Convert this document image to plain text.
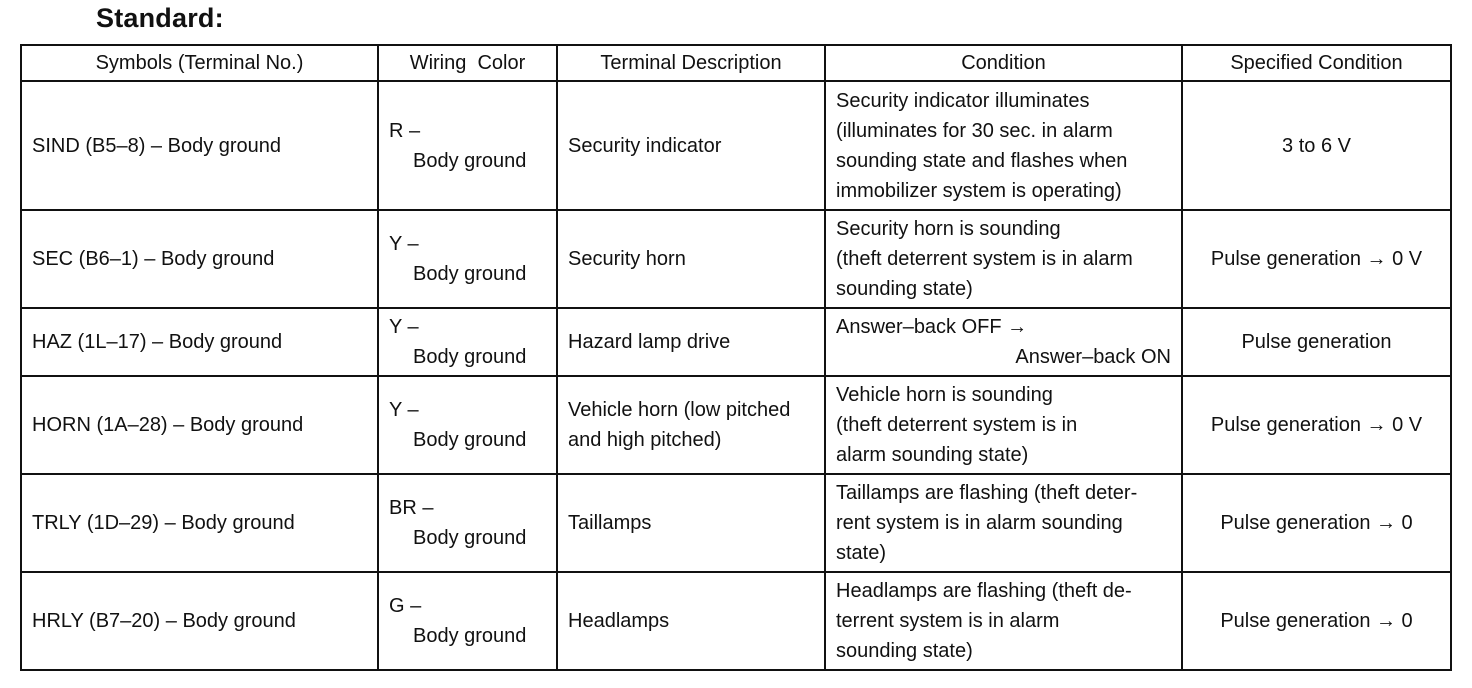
Standard:
Symbols (Terminal No.)	Wiring  Color	Terminal Description	Condition	Specified Condition
SIND (B5–8) – Body ground	R –
Body ground	Security indicator	Security indicator illuminates
(illuminates for 30 sec. in alarm
sounding state and flashes when
immobilizer system is operating)	3 to 6 V
SEC (B6–1) – Body ground	Y –
Body ground	Security horn	Security horn is sounding
(theft deterrent system is in alarm
sounding state)	Pulse generation → 0 V
HAZ (1L–17) – Body ground	Y –
Body ground	Hazard lamp drive	Answer–back OFF →
Answer–back ON	Pulse generation
HORN (1A–28) – Body ground	Y –
Body ground	Vehicle horn (low pitched
and high pitched)	Vehicle horn is sounding
(theft deterrent system is in
alarm sounding state)	Pulse generation → 0 V
TRLY (1D–29) – Body ground	BR –
Body ground	Taillamps	Taillamps are flashing (theft deter-
rent system is in alarm sounding
state)	Pulse generation → 0
HRLY (B7–20) – Body ground	G –
Body ground	Headlamps	Headlamps are flashing (theft de-
terrent system is in alarm
sounding state)	Pulse generation → 0
